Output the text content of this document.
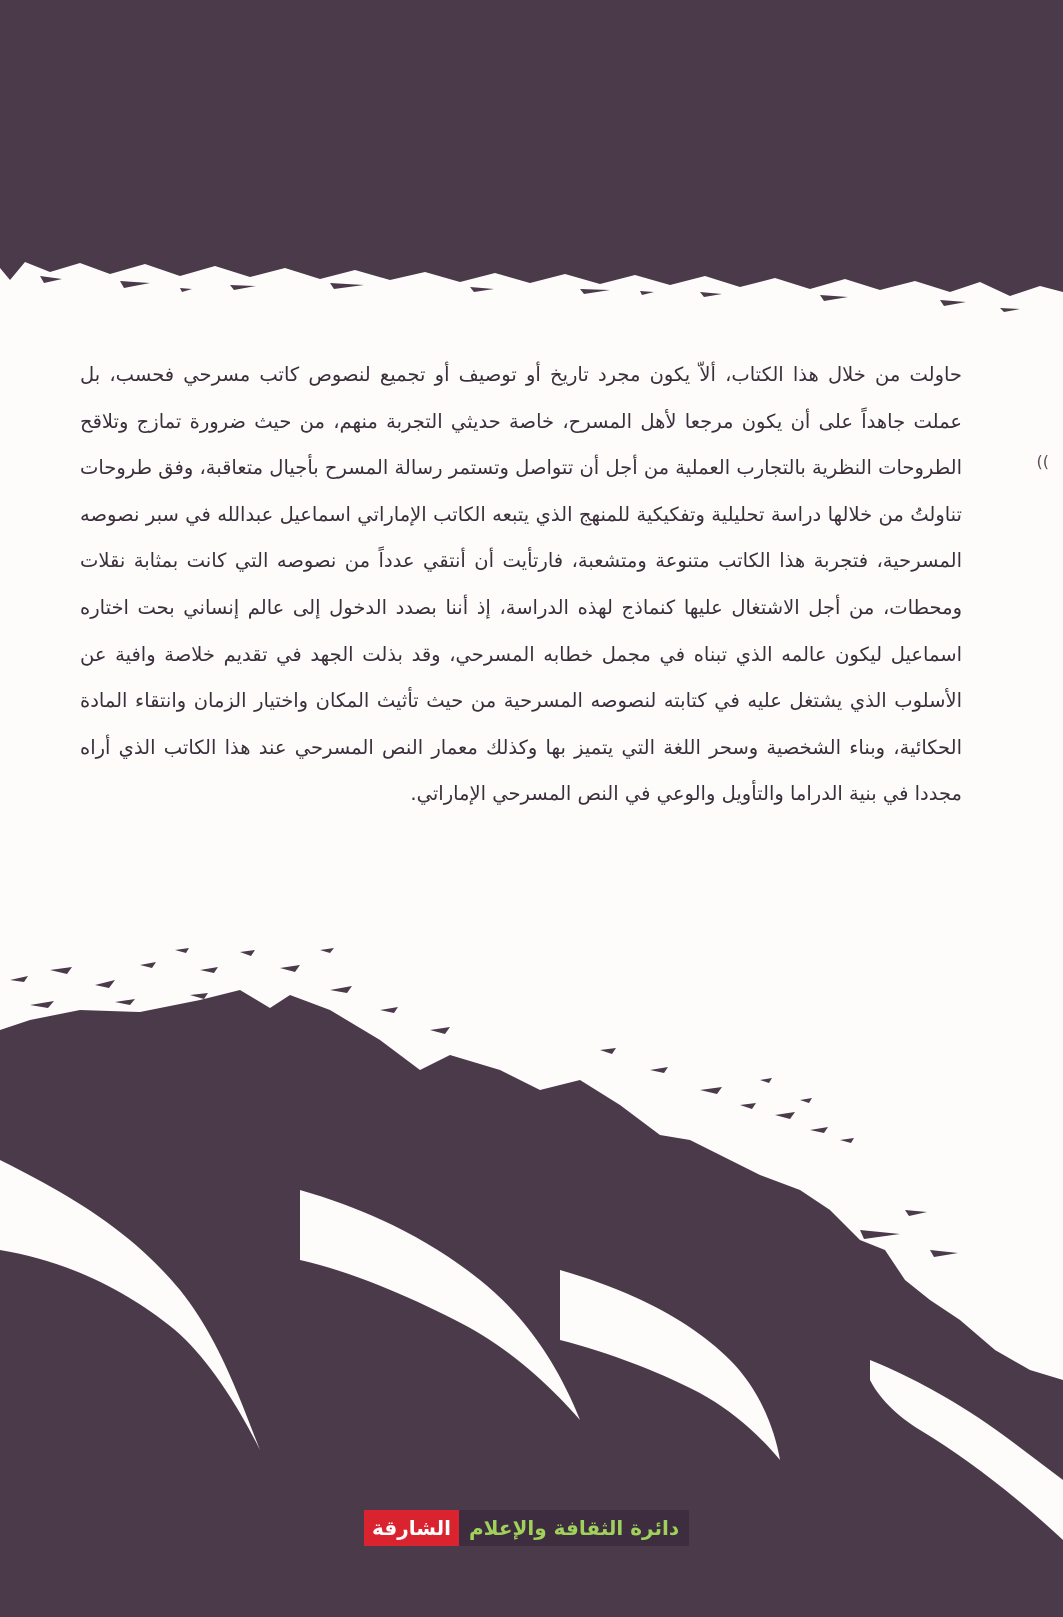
حاولت من خلال هذا الكتاب، ألاّ يكون مجرد تاريخ أو توصيف أو تجميع لنصوص كاتب مسرحي فحسب، بل عملت جاهداً على أن يكون مرجعا لأهل المسرح، خاصة حديثي التجربة منهم، من حيث ضرورة تمازج وتلاقح الطروحات النظرية بالتجارب العملية من أجل أن تتواصل وتستمر رسالة المسرح بأجيال متعاقبة، وفق طروحات تناولتُ من خلالها دراسة تحليلية وتفكيكية للمنهج الذي يتبعه الكاتب الإماراتي اسماعيل عبدالله في سبر نصوصه المسرحية، فتجربة هذا الكاتب متنوعة ومتشعبة، فارتأيت أن أنتقي عدداً من نصوصه التي كانت بمثابة نقلات ومحطات، من أجل الاشتغال عليها كنماذج لهذه الدراسة، إذ أننا بصدد الدخول إلى عالم إنساني بحت اختاره اسماعيل ليكون عالمه الذي تبناه في مجمل خطابه المسرحي، وقد بذلت الجهد في تقديم خلاصة وافية عن الأسلوب الذي يشتغل عليه في كتابته لنصوصه المسرحية من حيث تأثيث المكان واختيار الزمان وانتقاء المادة الحكائية، وبناء الشخصية وسحر اللغة التي يتميز بها وكذلك معمار النص المسرحي عند هذا الكاتب الذي أراه مجددا في بنية الدراما والتأويل والوعي في النص المسرحي الإماراتي.

((
الشارقة دائرة الثقافة والإعلام
